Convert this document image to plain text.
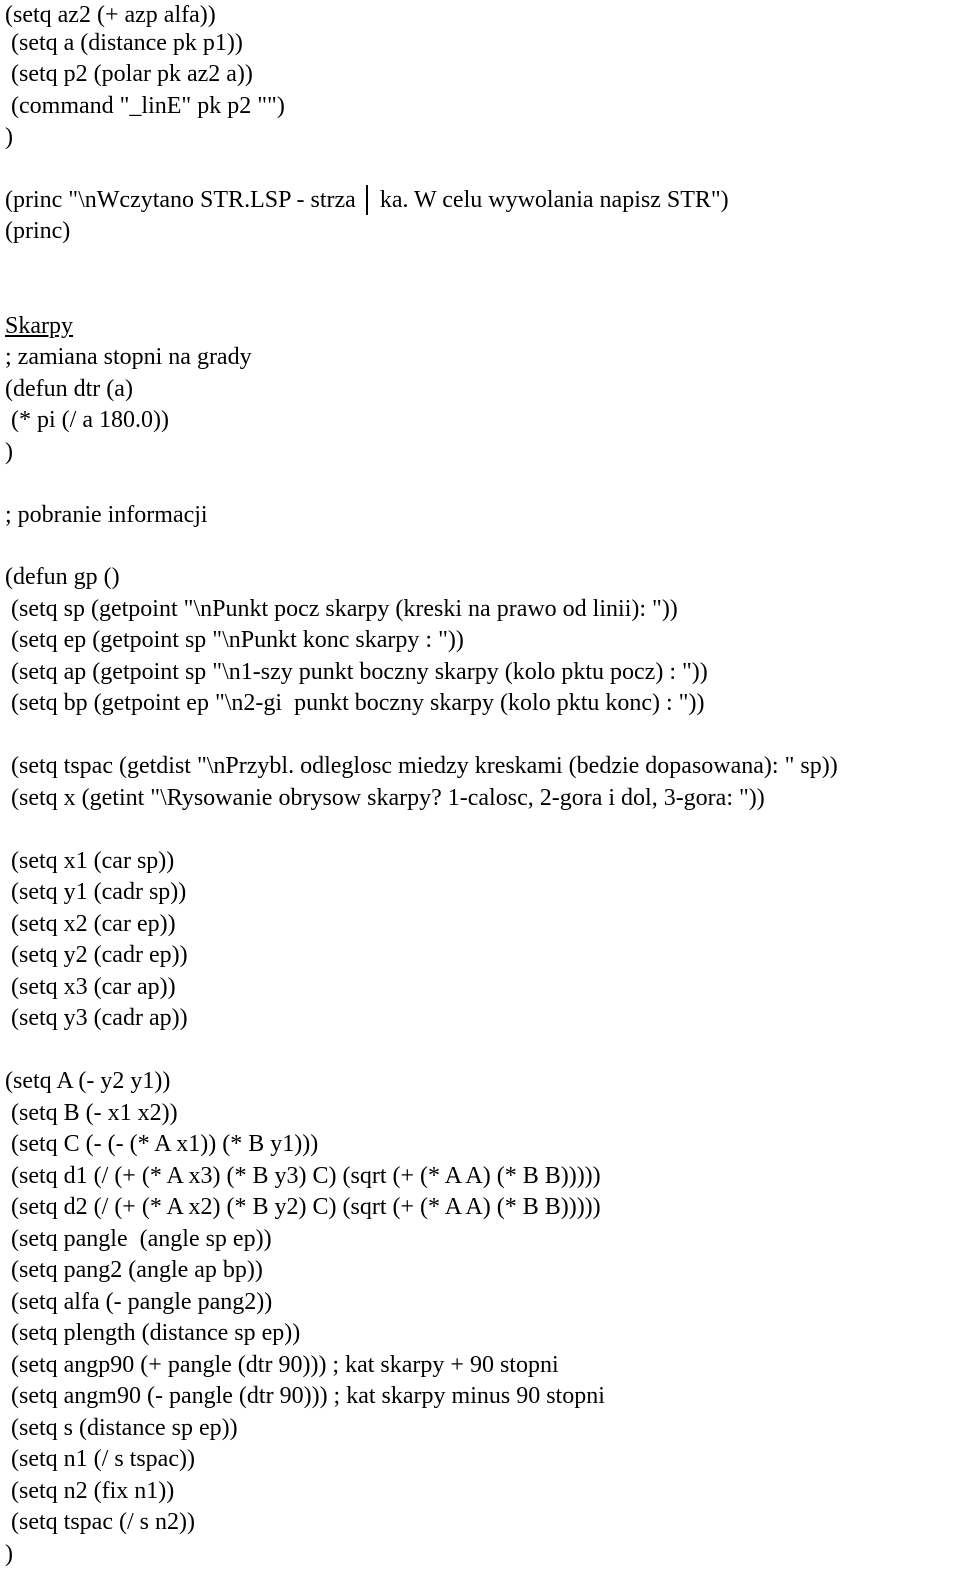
(setq az2 (+ azp alfa))
(setq a (distance pk p1))
(setq p2 (polar pk az2 a))
(command "_linE" pk p2 "")
)
(princ "\nWczytano STR.LSP - strza ka. W celu wywolania napisz STR")
(princ)
Skarpy
; zamiana stopni na grady
(defun dtr (a)
(* pi (/ a 180.0))
)
; pobranie informacji
(defun gp ()
(setq sp (getpoint "\nPunkt pocz skarpy (kreski na prawo od linii): "))
(setq ep (getpoint sp "\nPunkt konc skarpy : "))
(setq ap (getpoint sp "\n1-szy punkt boczny skarpy (kolo pktu pocz) : "))
(setq bp (getpoint ep "\n2-gi  punkt boczny skarpy (kolo pktu konc) : "))
(setq tspac (getdist "\nPrzybl. odleglosc miedzy kreskami (bedzie dopasowana): " sp))
(setq x (getint "\Rysowanie obrysow skarpy? 1-calosc, 2-gora i dol, 3-gora: "))
(setq x1 (car sp))
(setq y1 (cadr sp))
(setq x2 (car ep))
(setq y2 (cadr ep))
(setq x3 (car ap))
(setq y3 (cadr ap))
(setq A (- y2 y1))
(setq B (- x1 x2))
(setq C (- (- (* A x1)) (* B y1)))
(setq d1 (/ (+ (* A x3) (* B y3) C) (sqrt (+ (* A A) (* B B)))))
(setq d2 (/ (+ (* A x2) (* B y2) C) (sqrt (+ (* A A) (* B B)))))
(setq pangle  (angle sp ep))
(setq pang2 (angle ap bp))
(setq alfa (- pangle pang2))
(setq plength (distance sp ep))
(setq angp90 (+ pangle (dtr 90))) ; kat skarpy + 90 stopni
(setq angm90 (- pangle (dtr 90))) ; kat skarpy minus 90 stopni
(setq s (distance sp ep))
(setq n1 (/ s tspac))
(setq n2 (fix n1))
(setq tspac (/ s n2))
)
